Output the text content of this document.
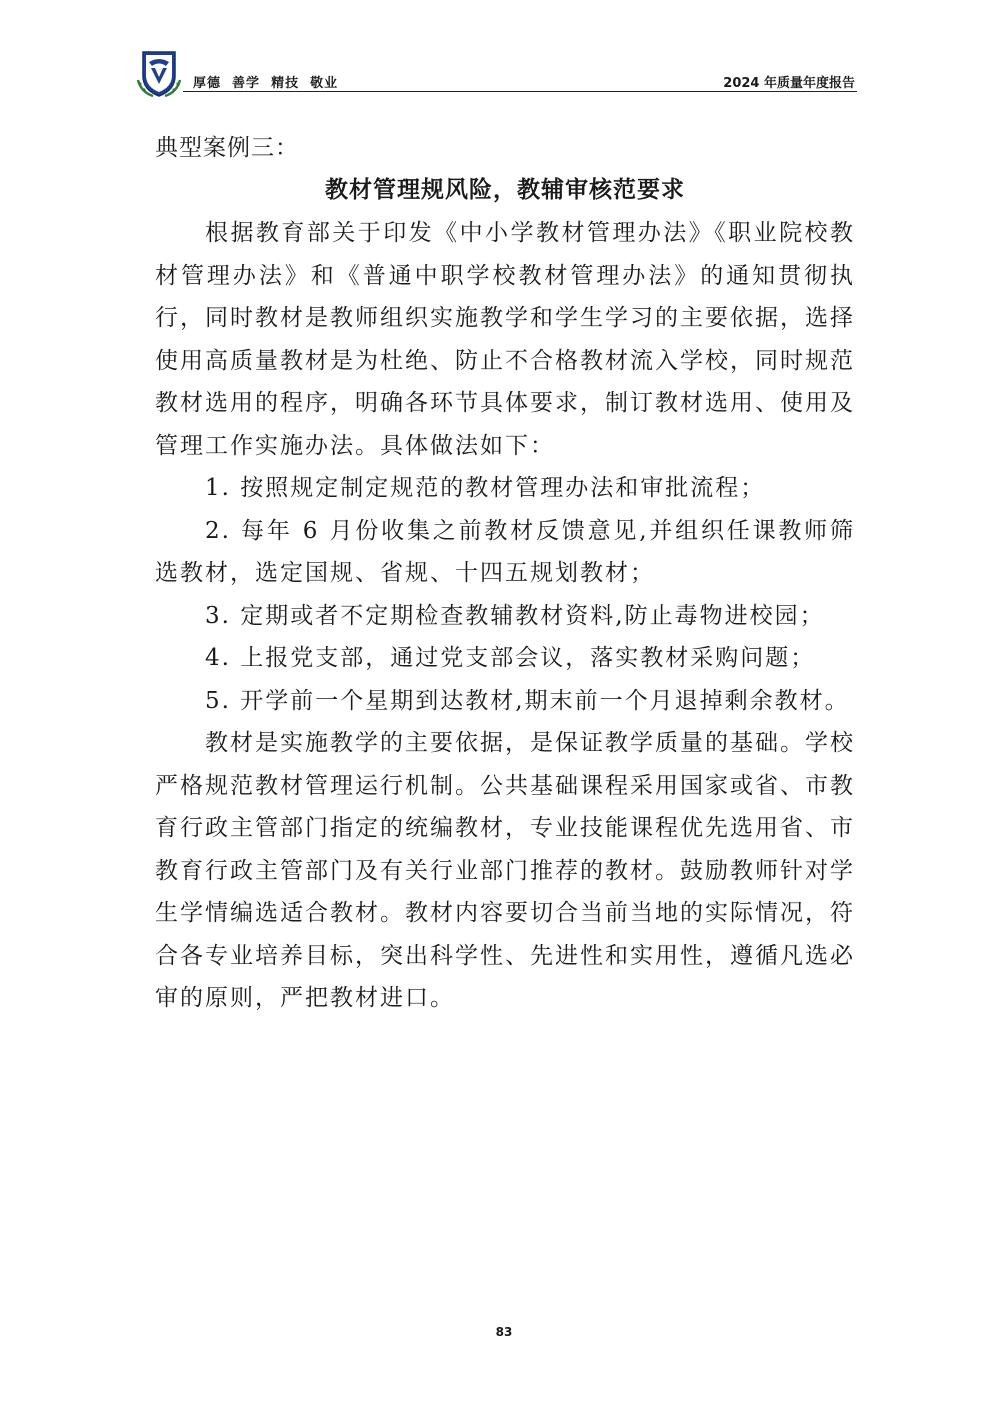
厚德  善学  精技  敬业	2024 年质量年度报告

典型案例三：

教材管理规风险，教辅审核范要求

根据教育部关于印发《中小学教材管理办法》《职业院校教材管理办法》和《普通中职学校教材管理办法》的通知贯彻执行，同时教材是教师组织实施教学和学生学习的主要依据，选择使用高质量教材是为杜绝、防止不合格教材流入学校，同时规范教材选用的程序，明确各环节具体要求，制订教材选用、使用及管理工作实施办法。具体做法如下：

1. 按照规定制定规范的教材管理办法和审批流程；

2. 每年 6 月份收集之前教材反馈意见,并组织任课教师筛选教材，选定国规、省规、十四五规划教材；

3. 定期或者不定期检查教辅教材资料,防止毒物进校园；

4. 上报党支部，通过党支部会议，落实教材采购问题；

5. 开学前一个星期到达教材,期末前一个月退掉剩余教材。

教材是实施教学的主要依据，是保证教学质量的基础。学校严格规范教材管理运行机制。公共基础课程采用国家或省、市教育行政主管部门指定的统编教材，专业技能课程优先选用省、市教育行政主管部门及有关行业部门推荐的教材。鼓励教师针对学生学情编选适合教材。教材内容要切合当前当地的实际情况，符合各专业培养目标，突出科学性、先进性和实用性，遵循凡选必审的原则，严把教材进口。

83
